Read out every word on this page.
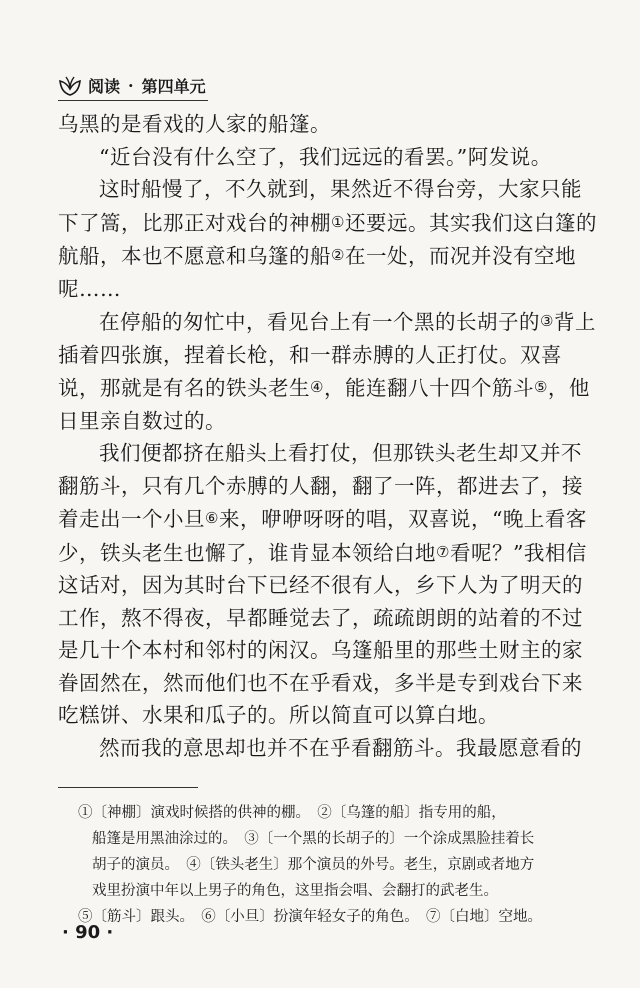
阅读 · 第四单元

乌黑的是看戏的人家的船篷。

“近台没有什么空了，我们远远的看罢。”阿发说。

这时船慢了，不久就到，果然近不得台旁，大家只能下了篙，比那正对戏台的神棚①还要远。其实我们这白篷的航船，本也不愿意和乌篷的船②在一处，而况并没有空地呢……

在停船的匆忙中，看见台上有一个黑的长胡子的③背上插着四张旗，捏着长枪，和一群赤膊的人正打仗。双喜说，那就是有名的铁头老生④，能连翻八十四个筋斗⑤，他日里亲自数过的。

我们便都挤在船头上看打仗，但那铁头老生却又并不翻筋斗，只有几个赤膊的人翻，翻了一阵，都进去了，接着走出一个小旦⑥来，咿咿呀呀的唱，双喜说，“晚上看客少，铁头老生也懈了，谁肯显本领给白地⑦看呢？”我相信这话对，因为其时台下已经不很有人，乡下人为了明天的工作，熬不得夜，早都睡觉去了，疏疏朗朗的站着的不过是几十个本村和邻村的闲汉。乌篷船里的那些土财主的家眷固然在，然而他们也不在乎看戏，多半是专到戏台下来吃糕饼、水果和瓜子的。所以简直可以算白地。

然而我的意思却也并不在乎看翻筋斗。我最愿意看的

①〔神棚〕演戏时候搭的供神的棚。　②〔乌篷的船〕指专用的船，

船篷是用黑油涂过的。　③〔一个黑的长胡子的〕一个涂成黑脸挂着长

胡子的演员。　④〔铁头老生〕那个演员的外号。老生，京剧或者地方

戏里扮演中年以上男子的角色，这里指会唱、会翻打的武老生。

⑤〔筋斗〕跟头。　⑥〔小旦〕扮演年轻女子的角色。　⑦〔白地〕空地。

· 90 ·
